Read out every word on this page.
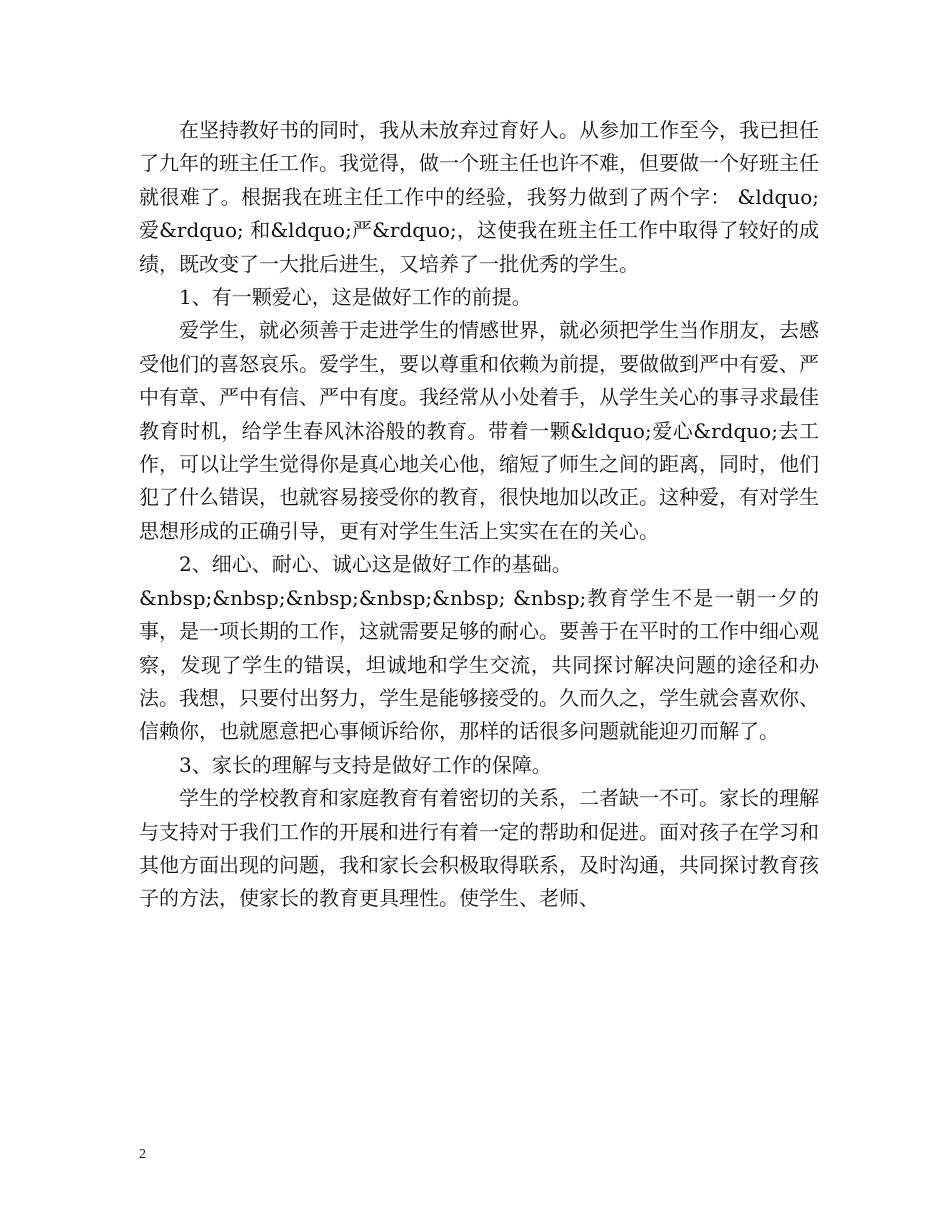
在坚持教好书的同时，我从未放弃过育好人。从参加工作至今，我已担任了九年的班主任工作。我觉得，做一个班主任也许不难，但要做一个好班主任就很难了。根据我在班主任工作中的经验，我努力做到了两个字： &ldquo;爱&rdquo; 和&ldquo;严&rdquo;，这使我在班主任工作中取得了较好的成绩，既改变了一大批后进生，又培养了一批优秀的学生。

1、有一颗爱心，这是做好工作的前提。

爱学生，就必须善于走进学生的情感世界，就必须把学生当作朋友，去感受他们的喜怒哀乐。爱学生，要以尊重和依赖为前提，要做做到严中有爱、严中有章、严中有信、严中有度。我经常从小处着手，从学生关心的事寻求最佳教育时机，给学生春风沐浴般的教育。带着一颗&ldquo;爱心&rdquo;去工作，可以让学生觉得你是真心地关心他，缩短了师生之间的距离，同时，他们犯了什么错误，也就容易接受你的教育，很快地加以改正。这种爱，有对学生思想形成的正确引导，更有对学生生活上实实在在的关心。

2、细心、耐心、诚心这是做好工作的基础。

&nbsp;&nbsp;&nbsp;&nbsp;&nbsp; &nbsp;教育学生不是一朝一夕的事，是一项长期的工作，这就需要足够的耐心。要善于在平时的工作中细心观察，发现了学生的错误，坦诚地和学生交流，共同探讨解决问题的途径和办法。我想，只要付出努力，学生是能够接受的。久而久之，学生就会喜欢你、信赖你，也就愿意把心事倾诉给你，那样的话很多问题就能迎刃而解了。

3、家长的理解与支持是做好工作的保障。

学生的学校教育和家庭教育有着密切的关系，二者缺一不可。家长的理解与支持对于我们工作的开展和进行有着一定的帮助和促进。面对孩子在学习和其他方面出现的问题，我和家长会积极取得联系，及时沟通，共同探讨教育孩子的方法，使家长的教育更具理性。使学生、老师、

2
